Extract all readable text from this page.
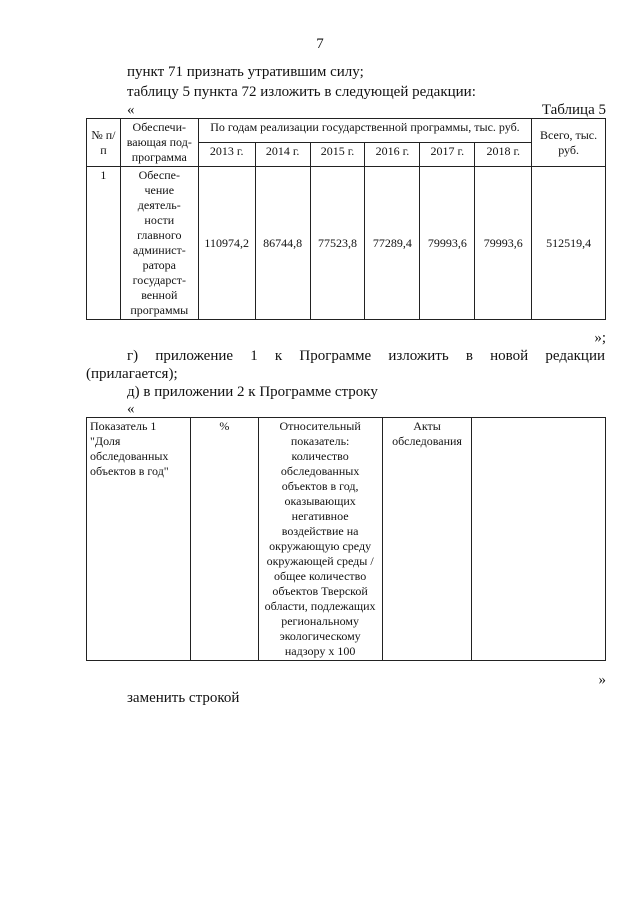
7
пункт 71 признать утратившим силу;
таблицу 5 пункта 72 изложить в следующей редакции:
«	Таблица 5
№ п/п	Обеспечи- вающая под- программа	По годам реализации государственной программы, тыс. руб.						Всего, тыс. руб.
		2013 г.	2014 г.	2015 г.	2016 г.	2017 г.	2018 г.	
1	Обеспе- чение деятель- ности главного админист- ратора государст- венной программы	110974,2	86744,8	77523,8	77289,4	79993,6	79993,6	512519,4
»;
г) приложение 1 к Программе изложить в новой редакции
(прилагается);
д) в приложении 2 к Программе строку
«
Показатель 1 "Доля обследованных объектов в год"	%	Относительный показатель: количество обследованных объектов в год, оказывающих негативное воздействие на окружающую среду окружающей среды / общее количество объектов Тверской области, подлежащих региональному экологическому надзору х 100	Акты обследования	
»
заменить строкой
